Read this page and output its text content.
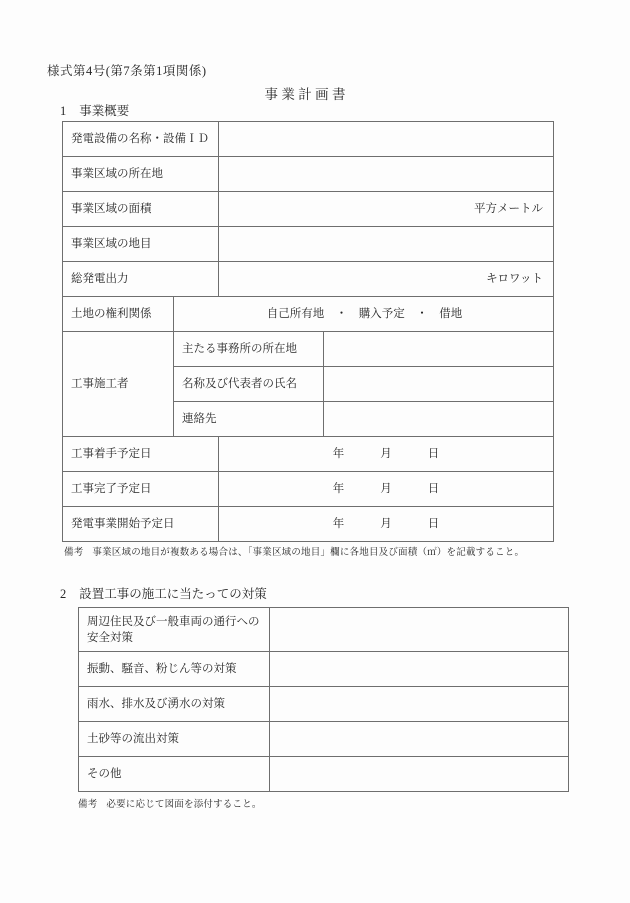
様式第4号(第7条第1項関係)
事 業 計 画 書
1 事業概要
発電設備の名称・設備ＩＤ			
事業区域の所在地			
事業区域の面積		平方メートル	
事業区域の地目			
総発電出力		キロワット	
土地の権利関係	自己所有地　・　購入予定　・　借地		
工事施工者	主たる事務所の所在地		
	名称及び代表者の氏名		
	連絡先		
工事着手予定日		年 月 日	

工事完了予定日		年 月 日	

発電事業開始予定日		年 月 日	
備考 事業区域の地目が複数ある場合は、「事業区域の地目」欄に各地目及び面積（㎡）を記載すること。
2 設置工事の施工に当たっての対策
周辺住民及び一般車両の通行への安全対策	
振動、騒音、粉じん等の対策	
雨水、排水及び湧水の対策	
土砂等の流出対策	
その他	
備考 必要に応じて図面を添付すること。
